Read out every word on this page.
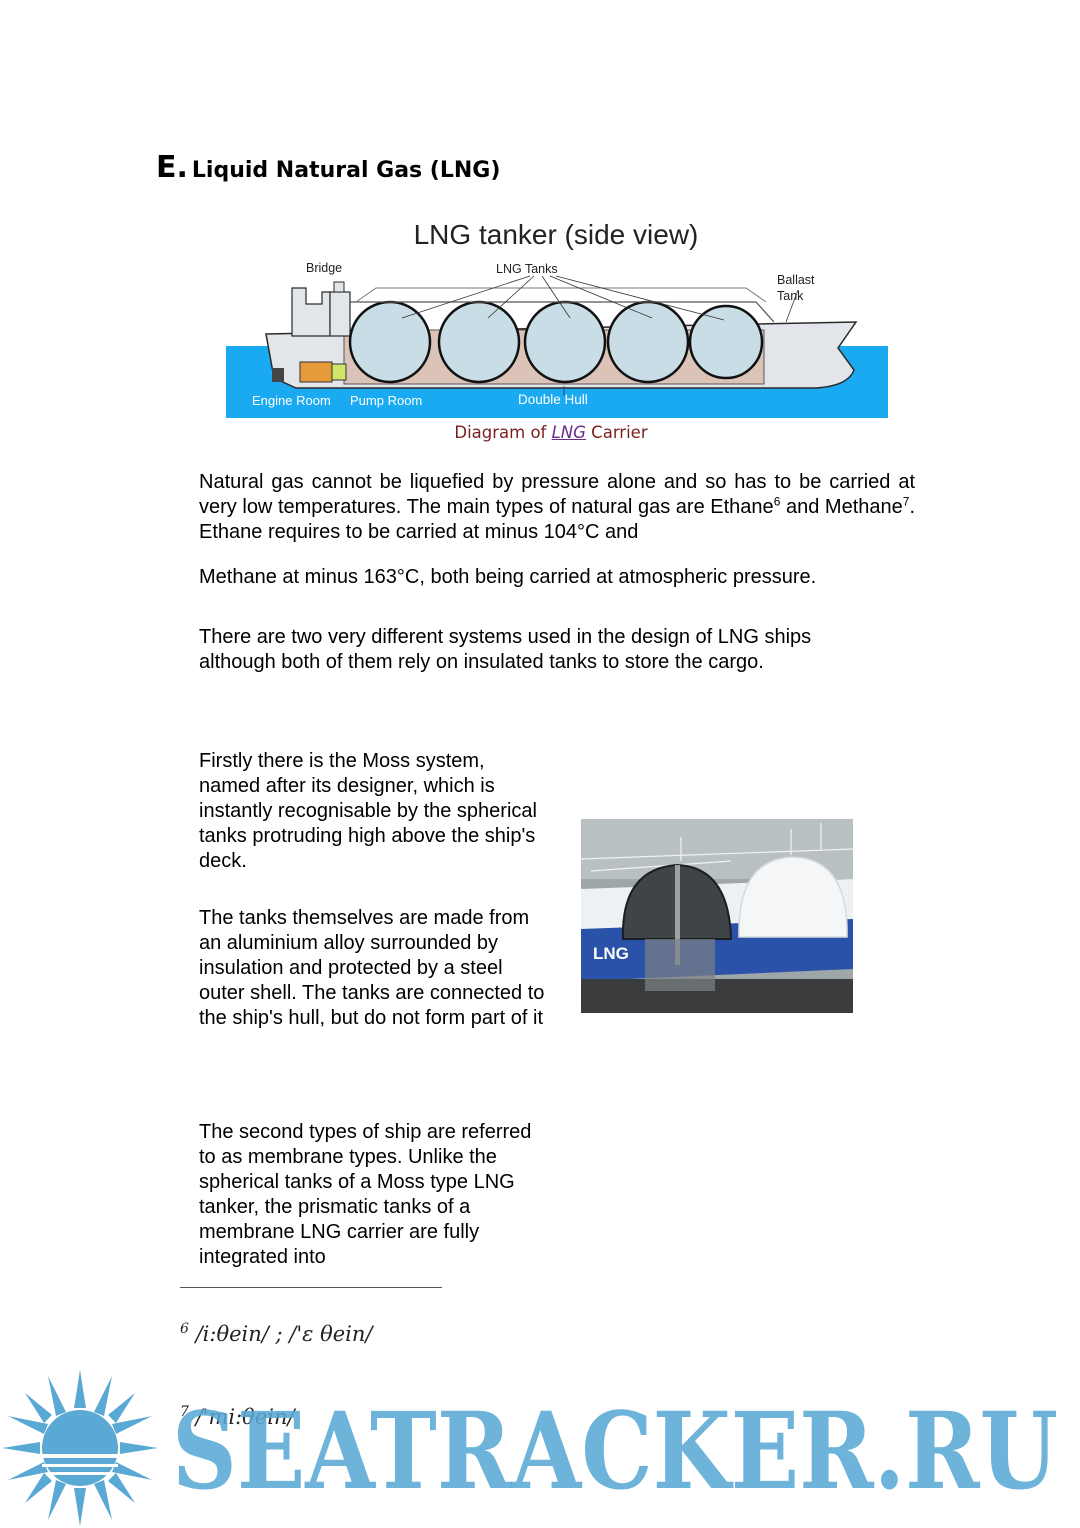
E. Liquid Natural Gas (LNG)
LNG tanker (side view)
Bridge	LNG Tanks
Ballast
Tank
Engine Room Pump Room	Double Hull
Diagram of LNG Carrier
Natural gas cannot be liquefied by pressure alone and so has to be carried at very low temperatures. The main types of natural gas are Ethane$^6$ and Methane$^7$. Ethane requires to be carried at minus 104°C and
Methane at minus 163°C, both being carried at atmospheric pressure.
There are two very different systems used in the design of LNG ships although both of them rely on insulated tanks to store the cargo.
Firstly there is the Moss system, named after its designer, which is instantly recognisable by the spherical tanks protruding high above the ship's deck.
The tanks themselves are made from an aluminium alloy surrounded by insulation and protected by a steel outer shell. The tanks are connected to the ship's hull, but do not form part of it
LNG
The second types of ship are referred to as membrane types. Unlike the spherical tanks of a Moss type LNG tanker, the prismatic tanks of a membrane LNG carrier are fully integrated into
$^6$ /i:θein/ ; /'ε θein/
$^7$ /'mi:θein/
SEATRACKER.RU
